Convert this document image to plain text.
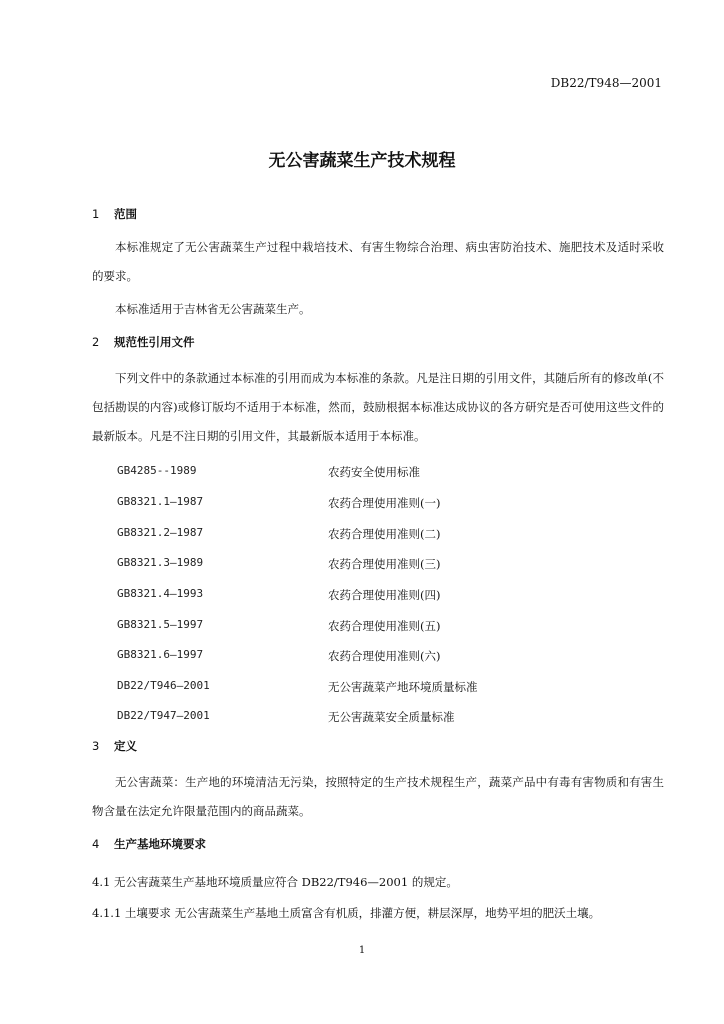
DB22/T948—2001
无公害蔬菜生产技术规程
1 范围

本标准规定了无公害蔬菜生产过程中栽培技术、有害生物综合治理、病虫害防治技术、施肥技术及适时采收的要求。

本标准适用于吉林省无公害蔬菜生产。

2 规范性引用文件

下列文件中的条款通过本标准的引用而成为本标准的条款。凡是注日期的引用文件，其随后所有的修改单(不包括勘误的内容)或修订版均不适用于本标准，然而，鼓励根据本标准达成协议的各方研究是否可使用这些文件的最新版本。凡是不注日期的引用文件，其最新版本适用于本标准。

GB4285--1989	农药安全使用标准
GB8321.1—1987	农药合理使用准则(一)
GB8321.2—1987	农药合理使用准则(二)
GB8321.3—1989	农药合理使用准则(三)
GB8321.4—1993	农药合理使用准则(四)
GB8321.5—1997	农药合理使用准则(五)
GB8321.6—1997	农药合理使用准则(六)
DB22/T946—2001	无公害蔬菜产地环境质量标准
DB22/T947—2001	无公害蔬菜安全质量标准
3 定义

无公害蔬菜：生产地的环境清洁无污染，按照特定的生产技术规程生产，蔬菜产品中有毒有害物质和有害生物含量在法定允许限量范围内的商品蔬菜。

4 生产基地环境要求

4.1 无公害蔬菜生产基地环境质量应符合 DB22/T946—2001 的规定。

4.1.1 土壤要求 无公害蔬菜生产基地土质富含有机质，排灌方便，耕层深厚，地势平坦的肥沃土壤。

1
